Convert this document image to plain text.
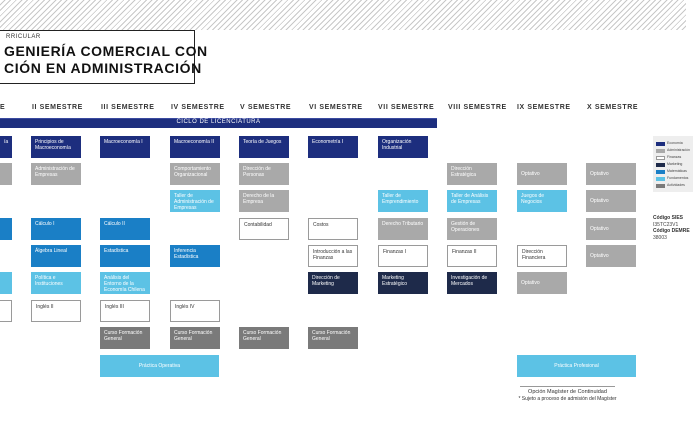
RRICULAR
GENIERÍA COMERCIAL CON
CIÓN EN ADMINISTRACIÓN
E	II SEMESTRE	III SEMESTRE IV SEMESTRE V SEMESTRE	VI SEMESTRE VII SEMESTRE VIII SEMESTRE IX SEMESTRE X SEMESTRE
CICLO DE LICENCIATURA
ía	Principios de Macroeconomía
Administración de Empresas
Cálculo I
Álgebra Lineal
Política e Instituciones
Inglés II
Macroeconomía I
Cálculo II
Estadística
Análisis del Entorno de la Economía Chilena
Inglés III
Curso Formación General
Práctica Operativa
Macroeconomía II
Comportamiento Organizacional
Taller de Administración de Empresas
Inferencia Estadística
Inglés IV
Curso Formación General
Teoría de Juegos
Dirección de Personas
Derecho de la Empresa
Contabilidad
Curso Formación General
Econometría I
Costos
Introducción a las Finanzas
Dirección de Marketing
Curso Formación General
Organización Industrial
Taller de Emprendimiento
Derecho Tributario
Finanzas I
Marketing Estratégico
Dirección Estratégica
Taller de Análisis de Empresas
Gestión de Operaciones
Finanzas II
Investigación de Mercados
Optativo
Juegos de Negocios
Dirección Financiera
Optativo
Práctica Profesional
Optativo
Optativo
Optativo
Optativo
Opción Magíster de Continuidad
* Sujeto a proceso de admisión del Magíster
Economía
Administración
Finanzas
Marketing
Matemáticas
Fundamentos
Actividades
Código SIES
I35TC23V1
Código DEMRE
38003
